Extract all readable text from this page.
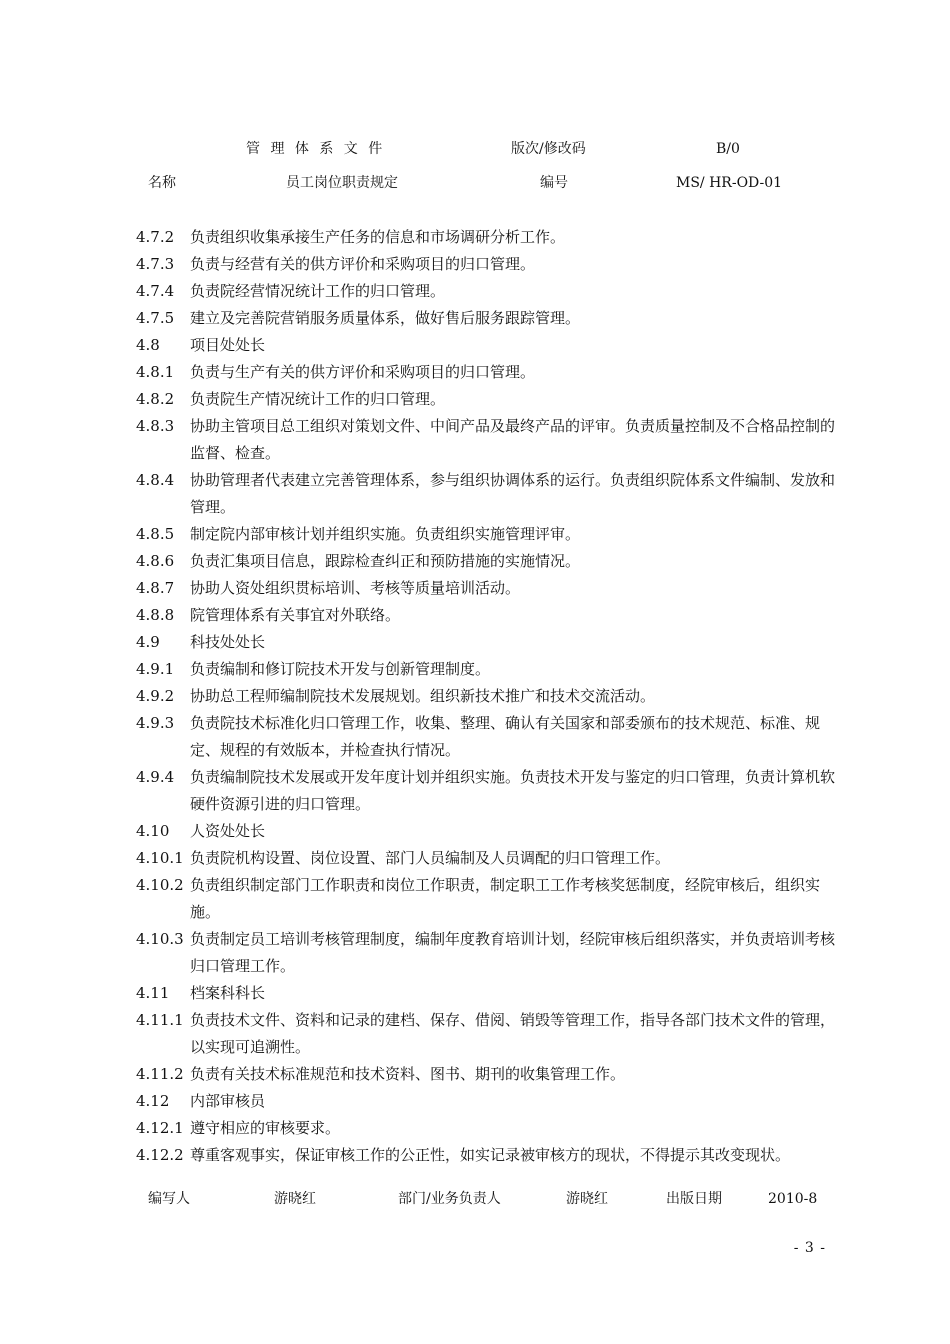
管 理 体 系 文 件	版次/修改码	B/0
名称	员工岗位职责规定	编号	MS/ HR-OD-01
4.7.2 负责组织收集承接生产任务的信息和市场调研分析工作。
4.7.3 负责与经营有关的供方评价和采购项目的归口管理。
4.7.4 负责院经营情况统计工作的归口管理。
4.7.5 建立及完善院营销服务质量体系，做好售后服务跟踪管理。
4.8 项目处处长
4.8.1 负责与生产有关的供方评价和采购项目的归口管理。
4.8.2 负责院生产情况统计工作的归口管理。
4.8.3 协助主管项目总工组织对策划文件、中间产品及最终产品的评审。负责质量控制及不合格品控制的监督、检查。
4.8.4 协助管理者代表建立完善管理体系，参与组织协调体系的运行。负责组织院体系文件编制、发放和管理。
4.8.5 制定院内部审核计划并组织实施。负责组织实施管理评审。
4.8.6 负责汇集项目信息，跟踪检查纠正和预防措施的实施情况。
4.8.7 协助人资处组织贯标培训、考核等质量培训活动。
4.8.8 院管理体系有关事宜对外联络。
4.9 科技处处长
4.9.1 负责编制和修订院技术开发与创新管理制度。
4.9.2 协助总工程师编制院技术发展规划。组织新技术推广和技术交流活动。
4.9.3 负责院技术标准化归口管理工作，收集、整理、确认有关国家和部委颁布的技术规范、标准、规定、规程的有效版本，并检查执行情况。
4.9.4 负责编制院技术发展或开发年度计划并组织实施。负责技术开发与鉴定的归口管理，负责计算机软硬件资源引进的归口管理。
4.10 人资处处长
4.10.1 负责院机构设置、岗位设置、部门人员编制及人员调配的归口管理工作。
4.10.2 负责组织制定部门工作职责和岗位工作职责，制定职工工作考核奖惩制度，经院审核后，组织实施。
4.10.3 负责制定员工培训考核管理制度，编制年度教育培训计划，经院审核后组织落实，并负责培训考核归口管理工作。
4.11 档案科科长
4.11.1 负责技术文件、资料和记录的建档、保存、借阅、销毁等管理工作，指导各部门技术文件的管理，以实现可追溯性。
4.11.2 负责有关技术标准规范和技术资料、图书、期刊的收集管理工作。
4.12 内部审核员
4.12.1 遵守相应的审核要求。
4.12.2 尊重客观事实，保证审核工作的公正性，如实记录被审核方的现状，不得提示其改变现状。
编写人	游晓红	部门/业务负责人	游晓红	出版日期	2010-8
- 3 -
